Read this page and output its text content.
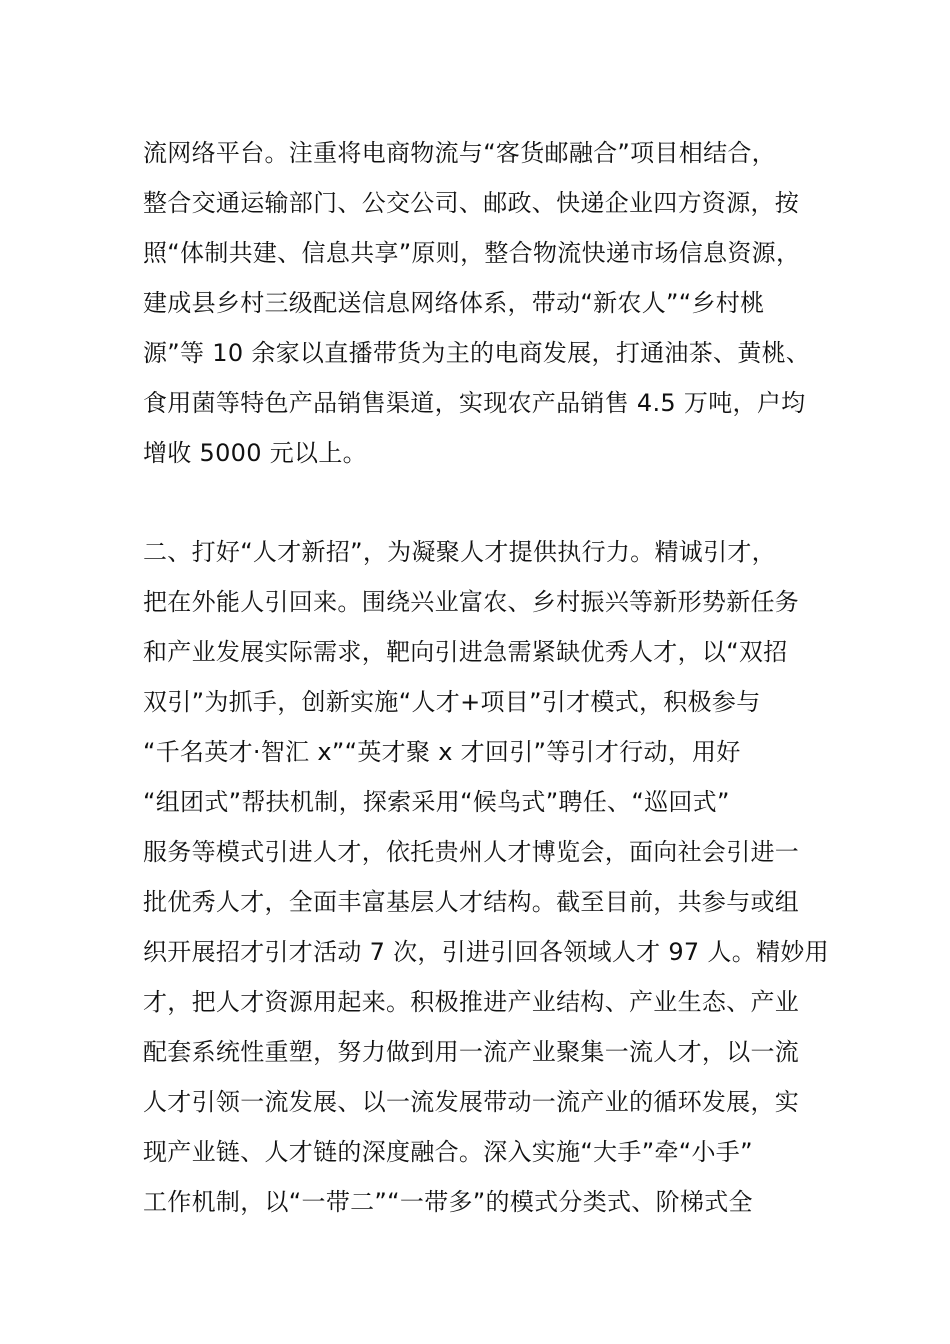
流网络平台。注重将电商物流与“客货邮融合”项目相结合，
整合交通运输部门、公交公司、邮政、快递企业四方资源，按
照“体制共建、信息共享”原则，整合物流快递市场信息资源，
建成县乡村三级配送信息网络体系，带动“新农人”“乡村桃
源”等 10 余家以直播带货为主的电商发展，打通油茶、黄桃、
食用菌等特色产品销售渠道，实现农产品销售 4.5 万吨，户均
增收 5000 元以上。
二、打好“人才新招”，为凝聚人才提供执行力。精诚引才，
把在外能人引回来。围绕兴业富农、乡村振兴等新形势新任务
和产业发展实际需求，靶向引进急需紧缺优秀人才，以“双招
双引”为抓手，创新实施“人才+项目”引才模式，积极参与
“千名英才·智汇 x”“英才聚 x 才回引”等引才行动，用好
“组团式”帮扶机制，探索采用“候鸟式”聘任、“巡回式”
服务等模式引进人才，依托贵州人才博览会，面向社会引进一
批优秀人才，全面丰富基层人才结构。截至目前，共参与或组
织开展招才引才活动 7 次，引进引回各领域人才 97 人。精妙用
才，把人才资源用起来。积极推进产业结构、产业生态、产业
配套系统性重塑，努力做到用一流产业聚集一流人才，以一流
人才引领一流发展、以一流发展带动一流产业的循环发展，实
现产业链、人才链的深度融合。深入实施“大手”牵“小手”
工作机制，以“一带二”“一带多”的模式分类式、阶梯式全
